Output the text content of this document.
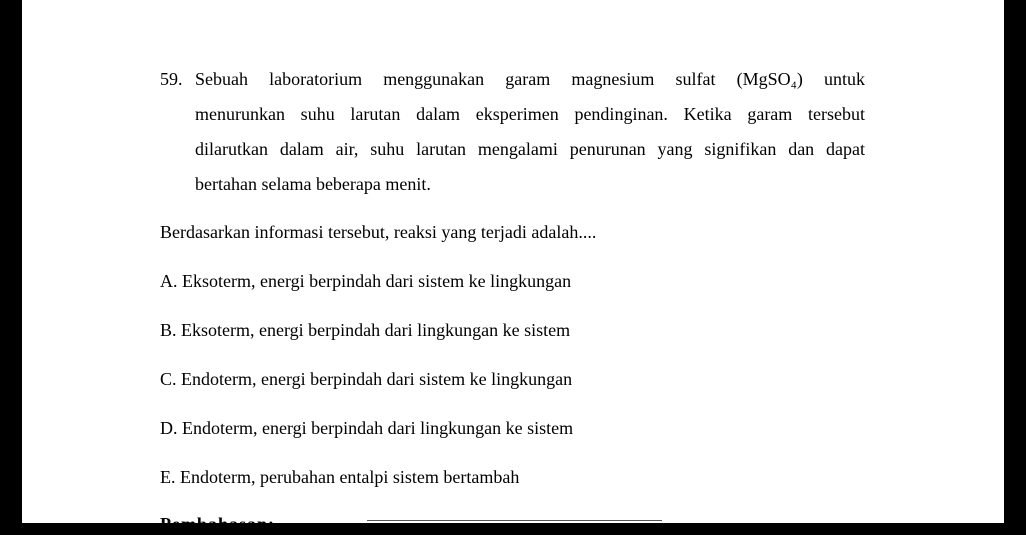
59. Sebuah laboratorium menggunakan garam magnesium sulfat (MgSO₄) untuk
menurunkan suhu larutan dalam eksperimen pendinginan. Ketika garam tersebut
dilarutkan dalam air, suhu larutan mengalami penurunan yang signifikan dan dapat
bertahan selama beberapa menit.
Berdasarkan informasi tersebut, reaksi yang terjadi adalah....
A. Eksoterm, energi berpindah dari sistem ke lingkungan
B. Eksoterm, energi berpindah dari lingkungan ke sistem
C. Endoterm, energi berpindah dari sistem ke lingkungan
D. Endoterm, energi berpindah dari lingkungan ke sistem
E. Endoterm, perubahan entalpi sistem bertambah
Pembahasan:
